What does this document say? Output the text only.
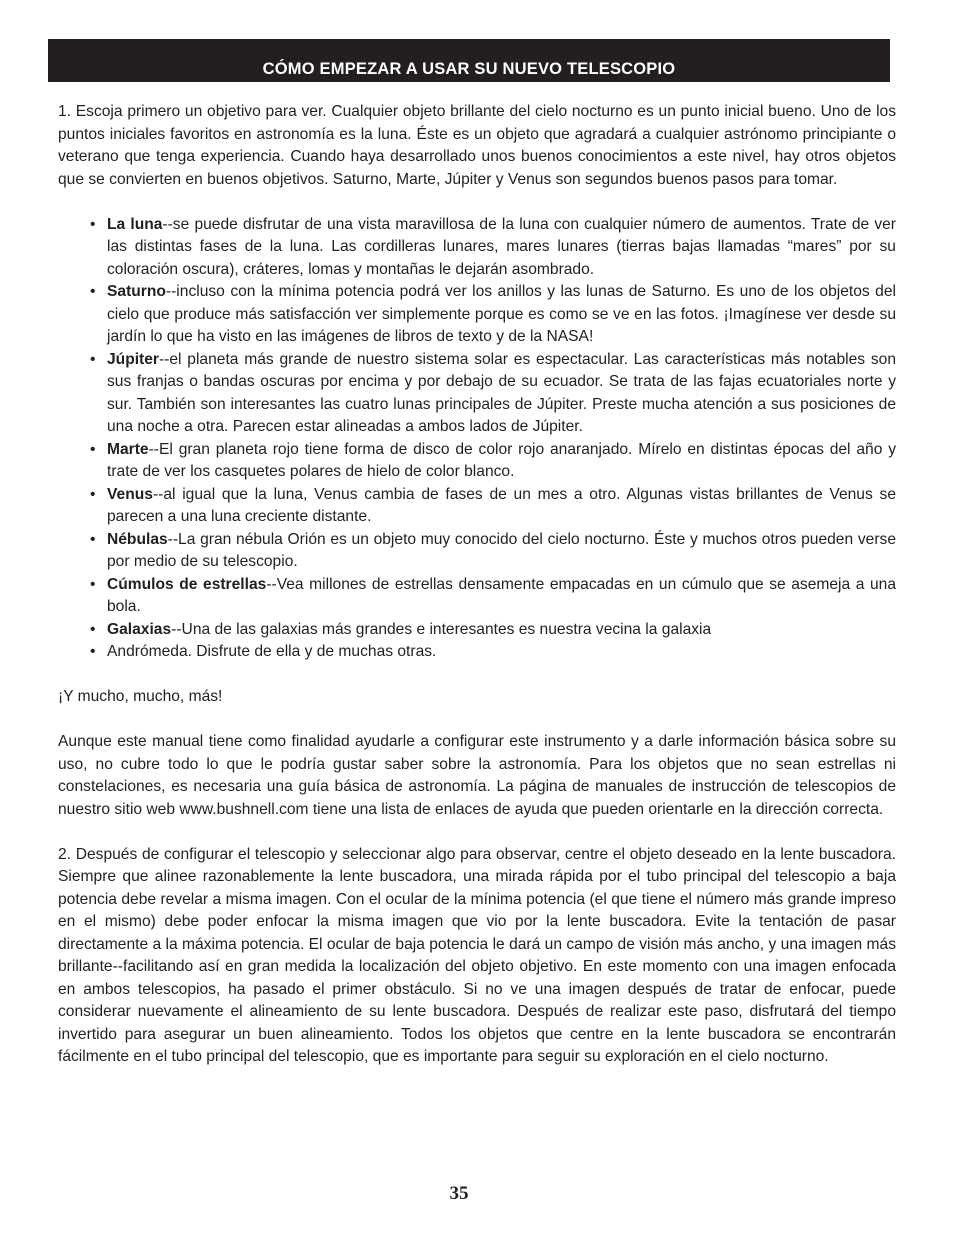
CÓMO EMPEZAR A USAR SU NUEVO TELESCOPIO

1. Escoja primero un objetivo para ver. Cualquier objeto brillante del cielo nocturno es un punto inicial bueno. Uno de los puntos iniciales favoritos en astronomía es la luna. Éste es un objeto que agradará a cualquier astrónomo principiante o veterano que tenga experiencia. Cuando haya desarrollado unos buenos conocimientos a este nivel, hay otros objetos que se convierten en buenos objetivos. Saturno, Marte, Júpiter y Venus son segundos buenos pasos para tomar.

• La luna--se puede disfrutar de una vista maravillosa de la luna con cualquier número de aumentos. Trate de ver las distintas fases de la luna. Las cordilleras lunares, mares lunares (tierras bajas llamadas “mares” por su coloración oscura), cráteres, lomas y montañas le dejarán asombrado.
• Saturno--incluso con la mínima potencia podrá ver los anillos y las lunas de Saturno. Es uno de los objetos del cielo que produce más satisfacción ver simplemente porque es como se ve en las fotos. ¡Imagínese ver desde su jardín lo que ha visto en las imágenes de libros de texto y de la NASA!
• Júpiter--el planeta más grande de nuestro sistema solar es espectacular. Las características más notables son sus franjas o bandas oscuras por encima y por debajo de su ecuador. Se trata de las fajas ecuatoriales norte y sur. También son interesantes las cuatro lunas principales de Júpiter. Preste mucha atención a sus posiciones de una noche a otra. Parecen estar alineadas a ambos lados de Júpiter.
• Marte--El gran planeta rojo tiene forma de disco de color rojo anaranjado. Mírelo en distintas épocas del año y trate de ver los casquetes polares de hielo de color blanco.
• Venus--al igual que la luna, Venus cambia de fases de un mes a otro. Algunas vistas brillantes de Venus se parecen a una luna creciente distante.
• Nébulas--La gran nébula Orión es un objeto muy conocido del cielo nocturno. Éste y muchos otros pueden verse por medio de su telescopio.
• Cúmulos de estrellas--Vea millones de estrellas densamente empacadas en un cúmulo que se asemeja a una bola.
• Galaxias--Una de las galaxias más grandes e interesantes es nuestra vecina la galaxia
• Andrómeda. Disfrute de ella y de muchas otras.

¡Y mucho, mucho, más!

Aunque este manual tiene como finalidad ayudarle a configurar este instrumento y a darle información básica sobre su uso, no cubre todo lo que le podría gustar saber sobre la astronomía. Para los objetos que no sean estrellas ni constelaciones, es necesaria una guía básica de astronomía. La página de manuales de instrucción de telescopios de nuestro sitio web www.bushnell.com tiene una lista de enlaces de ayuda que pueden orientarle en la dirección correcta.

2. Después de configurar el telescopio y seleccionar algo para observar, centre el objeto deseado en la lente buscadora. Siempre que alinee razonablemente la lente buscadora, una mirada rápida por el tubo principal del telescopio a baja potencia debe revelar a misma imagen. Con el ocular de la mínima potencia (el que tiene el número más grande impreso en el mismo) debe poder enfocar la misma imagen que vio por la lente buscadora. Evite la tentación de pasar directamente a la máxima potencia. El ocular de baja potencia le dará un campo de visión más ancho, y una imagen más brillante--facilitando así en gran medida la localización del objeto objetivo. En este momento con una imagen enfocada en ambos telescopios, ha pasado el primer obstáculo. Si no ve una imagen después de tratar de enfocar, puede considerar nuevamente el alineamiento de su lente buscadora. Después de realizar este paso, disfrutará del tiempo invertido para asegurar un buen alineamiento. Todos los objetos que centre en la lente buscadora se encontrarán fácilmente en el tubo principal del telescopio, que es importante para seguir su exploración en el cielo nocturno.

35
